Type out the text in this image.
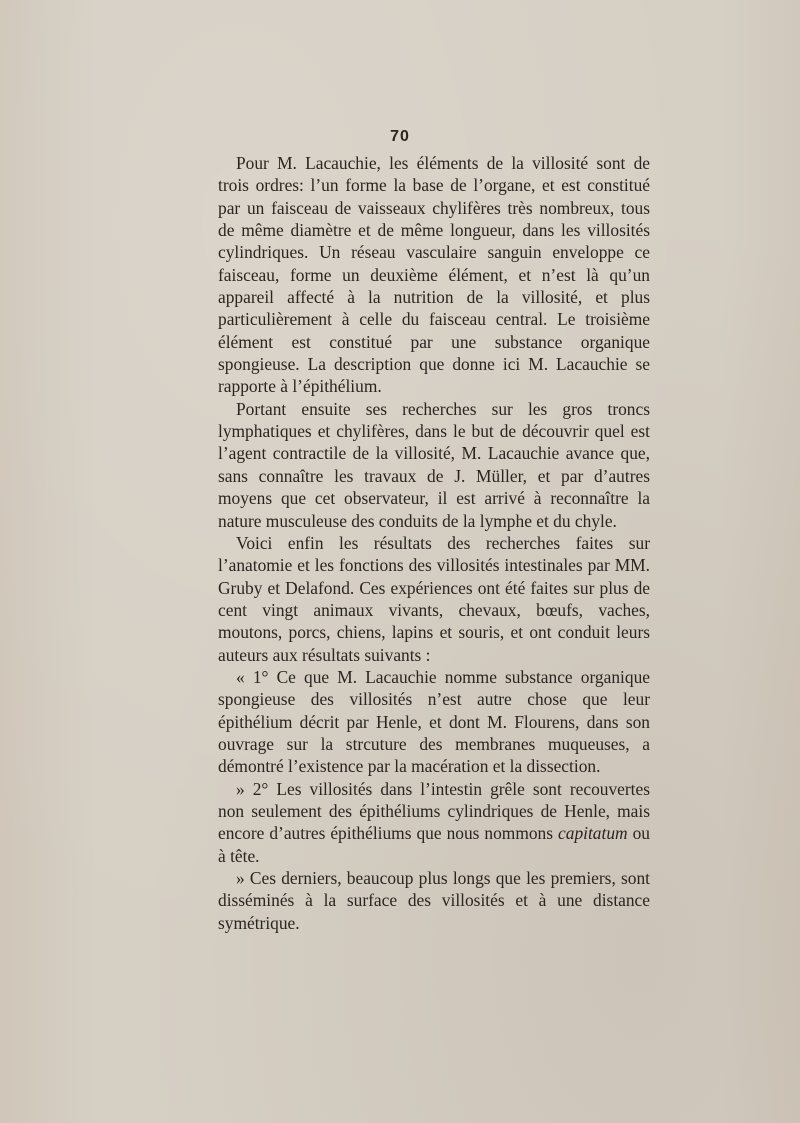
70

Pour M. Lacauchie, les éléments de la villosité sont de trois ordres: l’un forme la base de l’organe, et est constitué par un faisceau de vaisseaux chylifères très nombreux, tous de même diamètre et de même longueur, dans les villosités cylindriques. Un réseau vasculaire sanguin enveloppe ce faisceau, forme un deuxième élément, et n’est là qu’un appareil affecté à la nutrition de la villosité, et plus particulièrement à celle du faisceau central. Le troisième élément est constitué par une substance organique spongieuse. La description que donne ici M. Lacauchie se rapporte à l’épithélium.

Portant ensuite ses recherches sur les gros troncs lymphatiques et chylifères, dans le but de découvrir quel est l’agent contractile de la villosité, M. Lacauchie avance que, sans connaître les travaux de J. Müller, et par d’autres moyens que cet observateur, il est arrivé à reconnaître la nature musculeuse des conduits de la lymphe et du chyle.

Voici enfin les résultats des recherches faites sur l’anatomie et les fonctions des villosités intestinales par MM. Gruby et Delafond. Ces expériences ont été faites sur plus de cent vingt animaux vivants, chevaux, bœufs, vaches, moutons, porcs, chiens, lapins et souris, et ont conduit leurs auteurs aux résultats suivants :

« 1° Ce que M. Lacauchie nomme substance organique spongieuse des villosités n’est autre chose que leur épithélium décrit par Henle, et dont M. Flourens, dans son ouvrage sur la strcuture des membranes muqueuses, a démontré l’existence par la macération et la dissection.

» 2° Les villosités dans l’intestin grêle sont recouvertes non seulement des épithéliums cylindriques de Henle, mais encore d’autres épithéliums que nous nommons capitatum ou à tête.

» Ces derniers, beaucoup plus longs que les premiers, sont disséminés à la surface des villosités et à une distance symétrique.
